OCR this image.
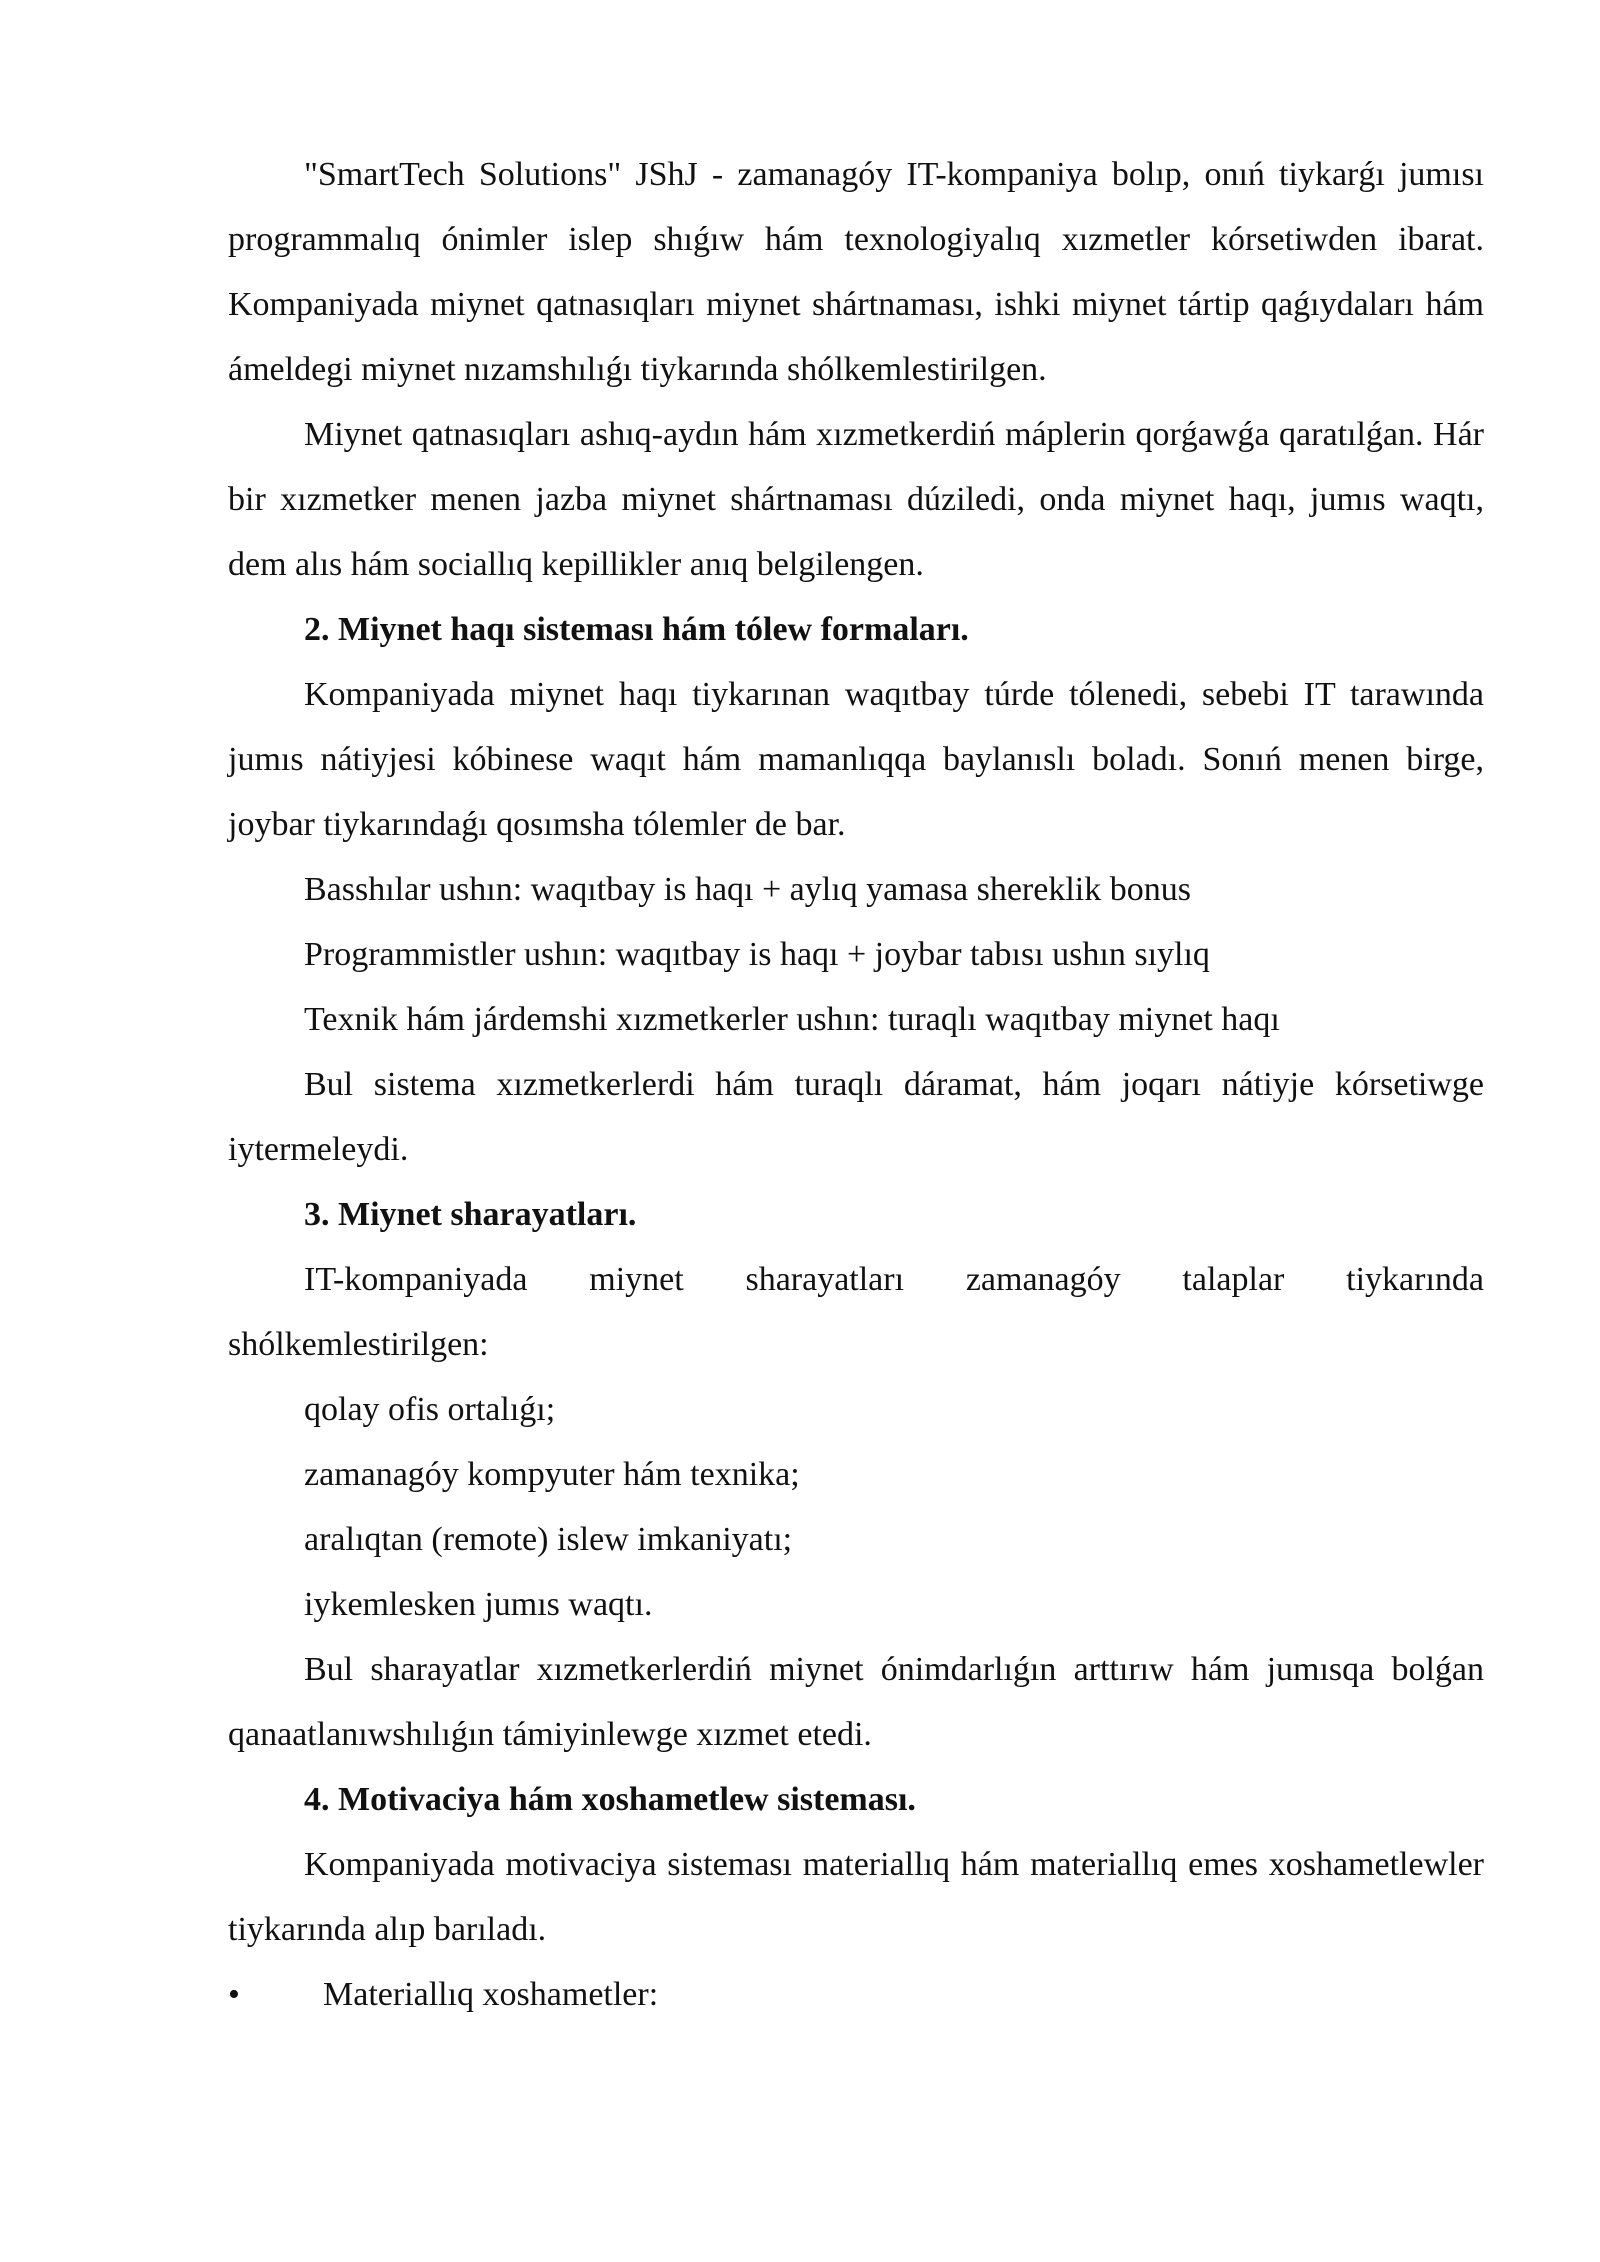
"SmartTech Solutions" JShJ - zamanagóy IT-kompaniya bolıp, onıń tiykarǵı jumısı programmalıq ónimler islep shıǵıw hám texnologiyalıq xızmetler kórsetiwden ibarat. Kompaniyada miynet qatnasıqları miynet shártnaması, ishki miynet tártip qaǵıydaları hám ámeldegi miynet nızamshılıǵı tiykarında shólkemlestirilgen.

Miynet qatnasıqları ashıq-aydın hám xızmetkerdiń máplerin qorǵawǵa qaratılǵan. Hár bir xızmetker menen jazba miynet shártnaması dúziledi, onda miynet haqı, jumıs waqtı, dem alıs hám sociallıq kepillikler anıq belgilengen.

2. Miynet haqı sisteması hám tólew formaları.

Kompaniyada miynet haqı tiykarınan waqıtbay túrde tólenedi, sebebi IT tarawında jumıs nátiyjesi kóbinese waqıt hám mamanlıqqa baylanıslı boladı. Sonıń menen birge, joybar tiykarındaǵı qosımsha tólemler de bar.

Basshılar ushın: waqıtbay is haqı + aylıq yamasa shereklik bonus

Programmistler ushın: waqıtbay is haqı + joybar tabısı ushın sıylıq

Texnik hám járdemshi xızmetkerler ushın: turaqlı waqıtbay miynet haqı

Bul sistema xızmetkerlerdi hám turaqlı dáramat, hám joqarı nátiyje kórsetiwge iytermeleydi.

3. Miynet sharayatları.

IT-kompaniyada miynet sharayatları zamanagóy talaplar tiykarında shólkemlestirilgen:

qolay ofis ortalıǵı;

zamanagóy kompyuter hám texnika;

aralıqtan (remote) islew imkaniyatı;

iykemlesken jumıs waqtı.

Bul sharayatlar xızmetkerlerdiń miynet ónimdarlıǵın arttırıw hám jumısqa bolǵan qanaatlanıwshılıǵın támiyinlewge xızmet etedi.

4. Motivaciya hám xoshametlew sisteması.

Kompaniyada motivaciya sisteması materiallıq hám materiallıq emes xoshametlewler tiykarında alıp barıladı.

• Materiallıq xoshametler:
